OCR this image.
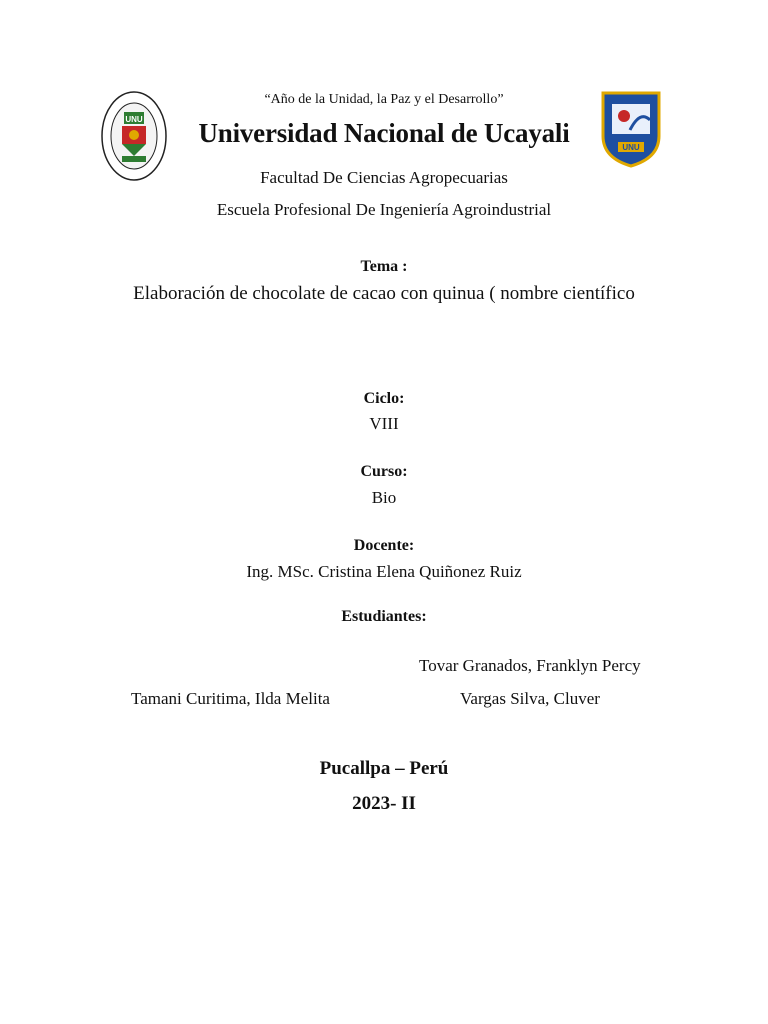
UNU
UNU
“Año de la Unidad, la Paz y el Desarrollo”
Universidad Nacional de Ucayali
Facultad De Ciencias Agropecuarias
Escuela Profesional De Ingeniería Agroindustrial
Tema :
Elaboración de chocolate de cacao con quinua ( nombre científico
Ciclo:
VIII
Curso:
Bio
Docente:
Ing. MSc. Cristina Elena Quiñonez Ruiz
Estudiantes:
Tovar Granados, Franklyn Percy
Tamani Curitima, Ilda Melita	Vargas Silva, Cluver
Pucallpa – Perú
2023- II
